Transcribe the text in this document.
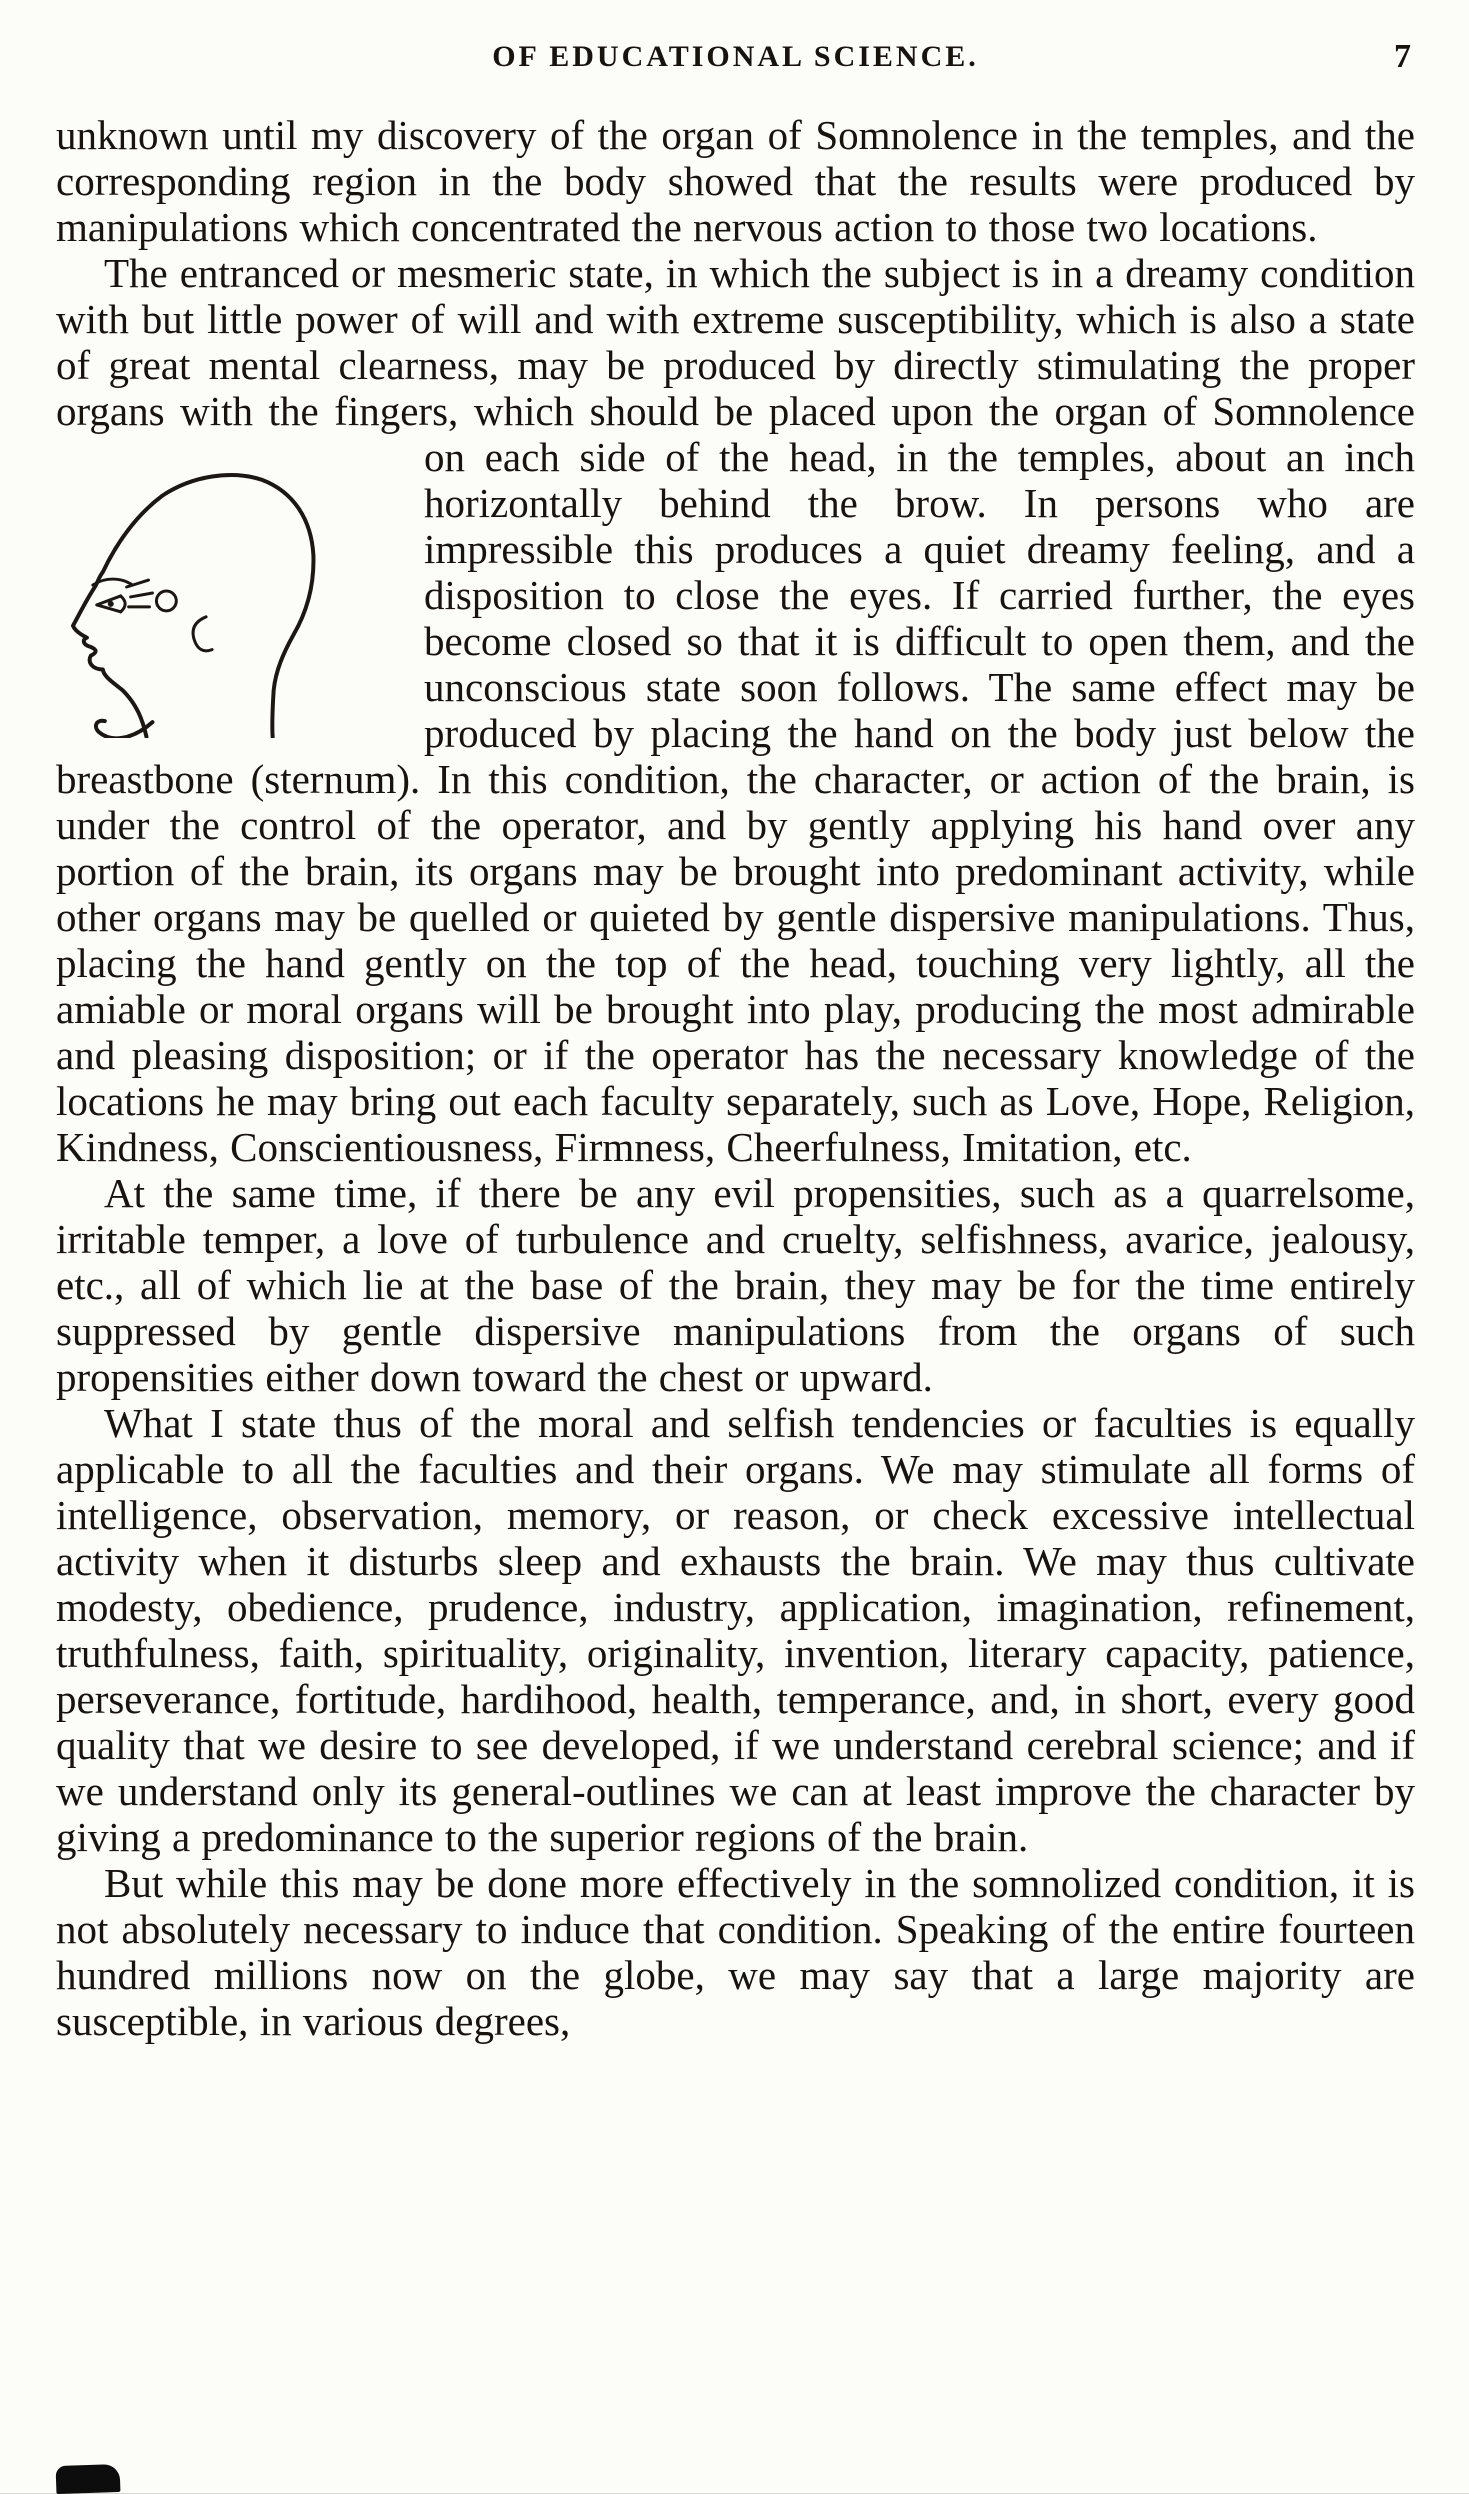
OF EDUCATIONAL SCIENCE.	7

unknown until my discovery of the organ of Somnolence in the temples, and the corresponding region in the body showed that the results were produced by manipulations which concentrated the nervous action to those two locations.

The entranced or mesmeric state, in which the subject is in a dreamy condition with but little power of will and with extreme susceptibility, which is also a state of great mental clearness, may be produced by directly stimulating the proper organs with the fingers, which should be placed upon the organ of Somnolence on each side
of the head, in the temples, about an inch horizontally behind the brow. In persons who are impressible this produces a quiet dreamy feeling, and a disposition to close the eyes. If carried further, the eyes become closed so that it is difficult to open them, and the unconscious state soon follows. The same effect may be produced by placing the hand on the body just below the breastbone (sternum). In this condition, the character, or action of the brain, is under the control of the operator, and by gently applying his hand over any portion of the brain, its organs may be brought into predominant activity, while other organs may be quelled or quieted by gentle dispersive manipulations. Thus, placing the hand gently on the top of the head, touching very lightly, all the amiable or moral organs will be brought into play, producing the most admirable and pleasing disposition; or if the operator has the necessary knowledge of the locations he may bring out each faculty separately, such as Love, Hope, Religion, Kindness, Conscientiousness, Firmness, Cheerfulness, Imitation, etc.

At the same time, if there be any evil propensities, such as a quarrelsome, irritable temper, a love of turbulence and cruelty, selfishness, avarice, jealousy, etc., all of which lie at the base of the brain, they may be for the time entirely suppressed by gentle dispersive manipulations from the organs of such propensities either down toward the chest or upward.

What I state thus of the moral and selfish tendencies or faculties is equally applicable to all the faculties and their organs. We may stimulate all forms of intelligence, observation, memory, or reason, or check excessive intellectual activity when it disturbs sleep and exhausts the brain. We may thus cultivate modesty, obedience, prudence, industry, application, imagination, refinement, truthfulness, faith, spirituality, originality, invention, literary capacity, patience, perseverance, fortitude, hardihood, health, temperance, and, in short, every good quality that we desire to see developed, if we understand cerebral science; and if we understand only its general-outlines we can at least improve the character by giving a predominance to the superior regions of the brain.

But while this may be done more effectively in the somnolized condition, it is not absolutely necessary to induce that condition. Speaking of the entire fourteen hundred millions now on the globe, we may say that a large majority are susceptible, in various degrees,
